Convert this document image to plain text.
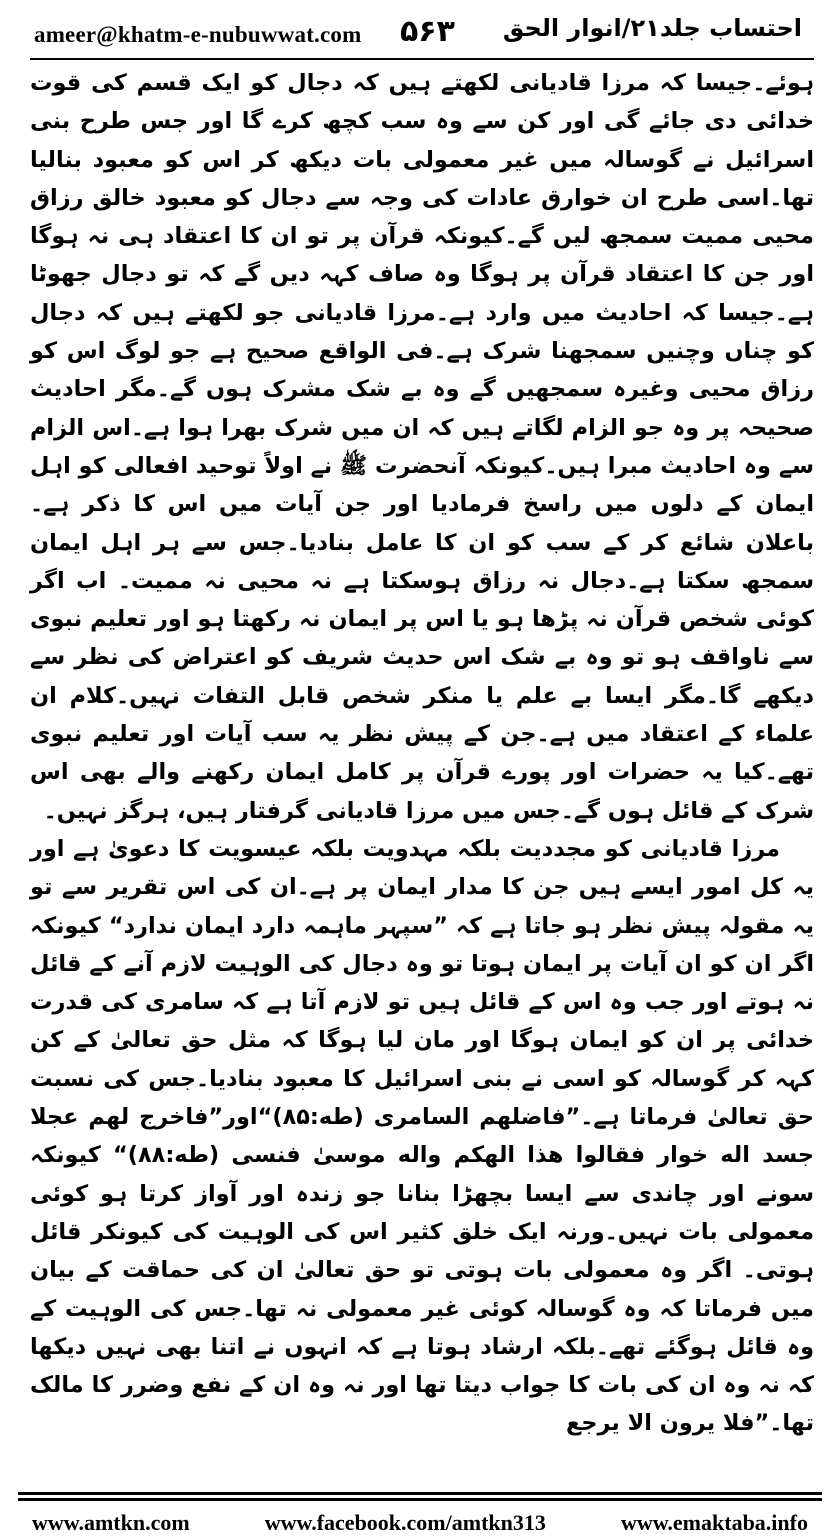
ameer@khatm-e-nubuwwat.com ۵۶۳ احتساب جلد۲۱/انوار الحق

ہوئے۔جیسا کہ مرزا قادیانی لکھتے ہیں کہ دجال کو ایک قسم کی قوت خدائی دی جائے گی اور کن سے وہ سب کچھ کرے گا اور جس طرح بنی اسرائیل نے گوسالہ میں غیر معمولی بات دیکھ کر اس کو معبود بنالیا تھا۔اسی طرح ان خوارق عادات کی وجہ سے دجال کو معبود خالق رزاق محیی ممیت سمجھ لیں گے۔کیونکہ قرآن پر تو ان کا اعتقاد ہی نہ ہوگا اور جن کا اعتقاد قرآن پر ہوگا وہ صاف کہہ دیں گے کہ تو دجال جھوٹا ہے۔جیسا کہ احادیث میں وارد ہے۔مرزا قادیانی جو لکھتے ہیں کہ دجال کو چناں وچنیں سمجھنا شرک ہے۔فی الواقع صحیح ہے جو لوگ اس کو رزاق محیی وغیرہ سمجھیں گے وہ بے شک مشرک ہوں گے۔مگر احادیث صحیحہ پر وہ جو الزام لگاتے ہیں کہ ان میں شرک بھرا ہوا ہے۔اس الزام سے وہ احادیث مبرا ہیں۔کیونکہ آنحضرت ﷺ نے اولاً توحید افعالی کو اہل ایمان کے دلوں میں راسخ فرمادیا اور جن آیات میں اس کا ذکر ہے۔باعلان شائع کر کے سب کو ان کا عامل بنادیا۔جس سے ہر اہل ایمان سمجھ سکتا ہے۔دجال نہ رزاق ہوسکتا ہے نہ محیی نہ ممیت۔ اب اگر کوئی شخص قرآن نہ پڑھا ہو یا اس پر ایمان نہ رکھتا ہو اور تعلیم نبوی سے ناواقف ہو تو وہ بے شک اس حدیث شریف کو اعتراض کی نظر سے دیکھے گا۔مگر ایسا بے علم یا منکر شخص قابل التفات نہیں۔کلام ان علماء کے اعتقاد میں ہے۔جن کے پیش نظر یہ سب آیات اور تعلیم نبوی تھے۔کیا یہ حضرات اور پورے قرآن پر کامل ایمان رکھنے والے بھی اس شرک کے قائل ہوں گے۔جس میں مرزا قادیانی گرفتار ہیں، ہرگز نہیں۔

مرزا قادیانی کو مجددیت بلکہ مہدویت بلکہ عیسویت کا دعویٰ ہے اور یہ کل امور ایسے ہیں جن کا مدار ایمان پر ہے۔ان کی اس تقریر سے تو یہ مقولہ پیش نظر ہو جاتا ہے کہ ”سپہر ماہمہ دارد ایمان ندارد“ کیونکہ اگر ان کو ان آیات پر ایمان ہوتا تو وہ دجال کی الوہیت لازم آنے کے قائل نہ ہوتے اور جب وہ اس کے قائل ہیں تو لازم آتا ہے کہ سامری کی قدرت خدائی پر ان کو ایمان ہوگا اور مان لیا ہوگا کہ مثل حق تعالیٰ کے کن کہہ کر گوسالہ کو اسی نے بنی اسرائیل کا معبود بنادیا۔جس کی نسبت حق تعالیٰ فرماتا ہے۔”فاضلهم السامری (طه:۸۵)“اور”فاخرج لهم عجلا جسد اله خوار فقالوا هذا الهكم واله موسىٰ فنسى (طه:۸۸)“ کیونکہ سونے اور چاندی سے ایسا بچھڑا بنانا جو زندہ اور آواز کرتا ہو کوئی معمولی بات نہیں۔ورنہ ایک خلق کثیر اس کی الوہیت کی کیونکر قائل ہوتی۔ اگر وہ معمولی بات ہوتی تو حق تعالیٰ ان کی حماقت کے بیان میں فرماتا کہ وہ گوسالہ کوئی غیر معمولی نہ تھا۔جس کی الوہیت کے وہ قائل ہوگئے تھے۔بلکہ ارشاد ہوتا ہے کہ انہوں نے اتنا بھی نہیں دیکھا کہ نہ وہ ان کی بات کا جواب دیتا تھا اور نہ وہ ان کے نفع وضرر کا مالک تھا۔”فلا یرون الا یرجع

www.amtkn.com	www.facebook.com/amtkn313	www.emaktaba.info
